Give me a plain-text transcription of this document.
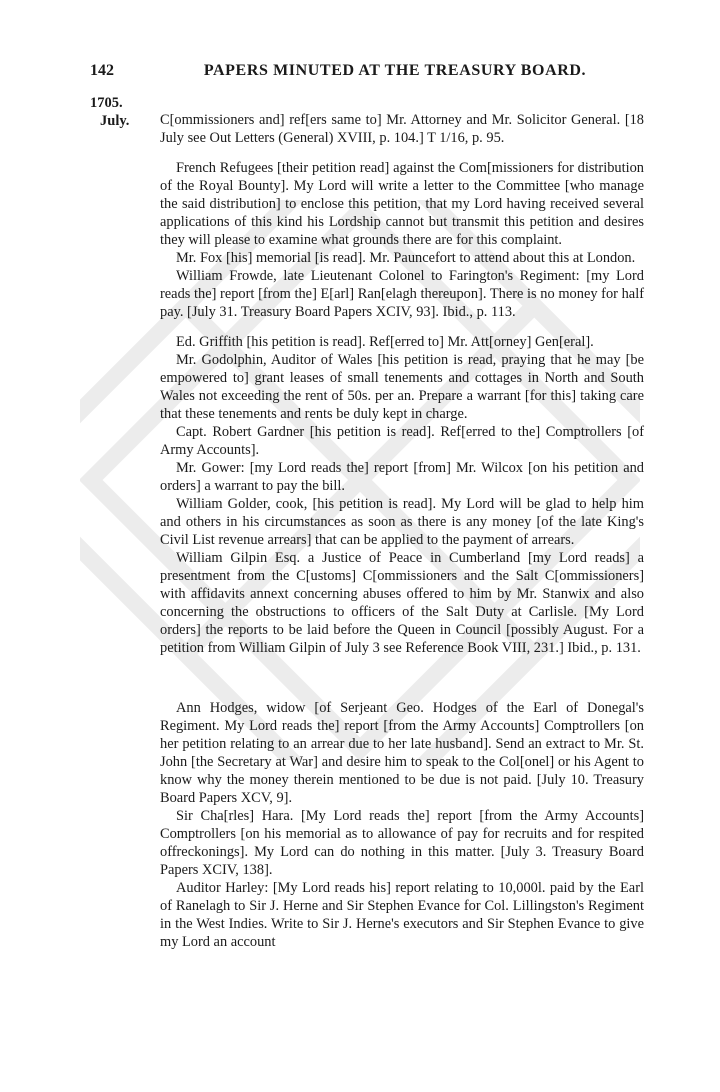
142	PAPERS MINUTED AT THE TREASURY BOARD.
1705.
July. C[ommissioners and] ref[ers same to] Mr. Attorney and Mr. Solicitor General. [18 July see Out Letters (General) XVIII, p. 104.] T 1/16, p. 95.

French Refugees [their petition read] against the Com[missioners for distribution of the Royal Bounty]. My Lord will write a letter to the Committee [who manage the said distribution] to enclose this petition, that my Lord having received several applications of this kind his Lordship cannot but transmit this petition and desires they will please to examine what grounds there are for this complaint.

Mr. Fox [his] memorial [is read]. Mr. Pauncefort to attend about this at London.

William Frowde, late Lieutenant Colonel to Farington's Regiment: [my Lord reads the] report [from the] E[arl] Ran[elagh thereupon]. There is no money for half pay. [July 31. Treasury Board Papers XCIV, 93]. Ibid., p. 113.

Ed. Griffith [his petition is read]. Ref[erred to] Mr. Att[orney] Gen[eral].

Mr. Godolphin, Auditor of Wales [his petition is read, praying that he may [be empowered to] grant leases of small tenements and cottages in North and South Wales not exceeding the rent of 50s. per an. Prepare a warrant [for this] taking care that these tenements and rents be duly kept in charge.

Capt. Robert Gardner [his petition is read]. Ref[erred to the] Comptrollers [of Army Accounts].

Mr. Gower: [my Lord reads the] report [from] Mr. Wilcox [on his petition and orders] a warrant to pay the bill.

William Golder, cook, [his petition is read]. My Lord will be glad to help him and others in his circumstances as soon as there is any money [of the late King's Civil List revenue arrears] that can be applied to the payment of arrears.

William Gilpin Esq. a Justice of Peace in Cumberland [my Lord reads] a presentment from the C[ustoms] C[ommissioners and the Salt C[ommissioners] with affidavits annext concerning abuses offered to him by Mr. Stanwix and also concerning the obstructions to officers of the Salt Duty at Carlisle. [My Lord orders] the reports to be laid before the Queen in Council [possibly August. For a petition from William Gilpin of July 3 see Reference Book VIII, 231.] Ibid., p. 131.

Ann Hodges, widow [of Serjeant Geo. Hodges of the Earl of Donegal's Regiment. My Lord reads the] report [from the Army Accounts] Comptrollers [on her petition relating to an arrear due to her late husband]. Send an extract to Mr. St. John [the Secretary at War] and desire him to speak to the Col[onel] or his Agent to know why the money therein mentioned to be due is not paid. [July 10. Treasury Board Papers XCV, 9].

Sir Cha[rles] Hara. [My Lord reads the] report [from the Army Accounts] Comptrollers [on his memorial as to allowance of pay for recruits and for respited offreckonings]. My Lord can do nothing in this matter. [July 3. Treasury Board Papers XCIV, 138].

Auditor Harley: [My Lord reads his] report relating to 10,000l. paid by the Earl of Ranelagh to Sir J. Herne and Sir Stephen Evance for Col. Lillingston's Regiment in the West Indies. Write to Sir J. Herne's executors and Sir Stephen Evance to give my Lord an account
